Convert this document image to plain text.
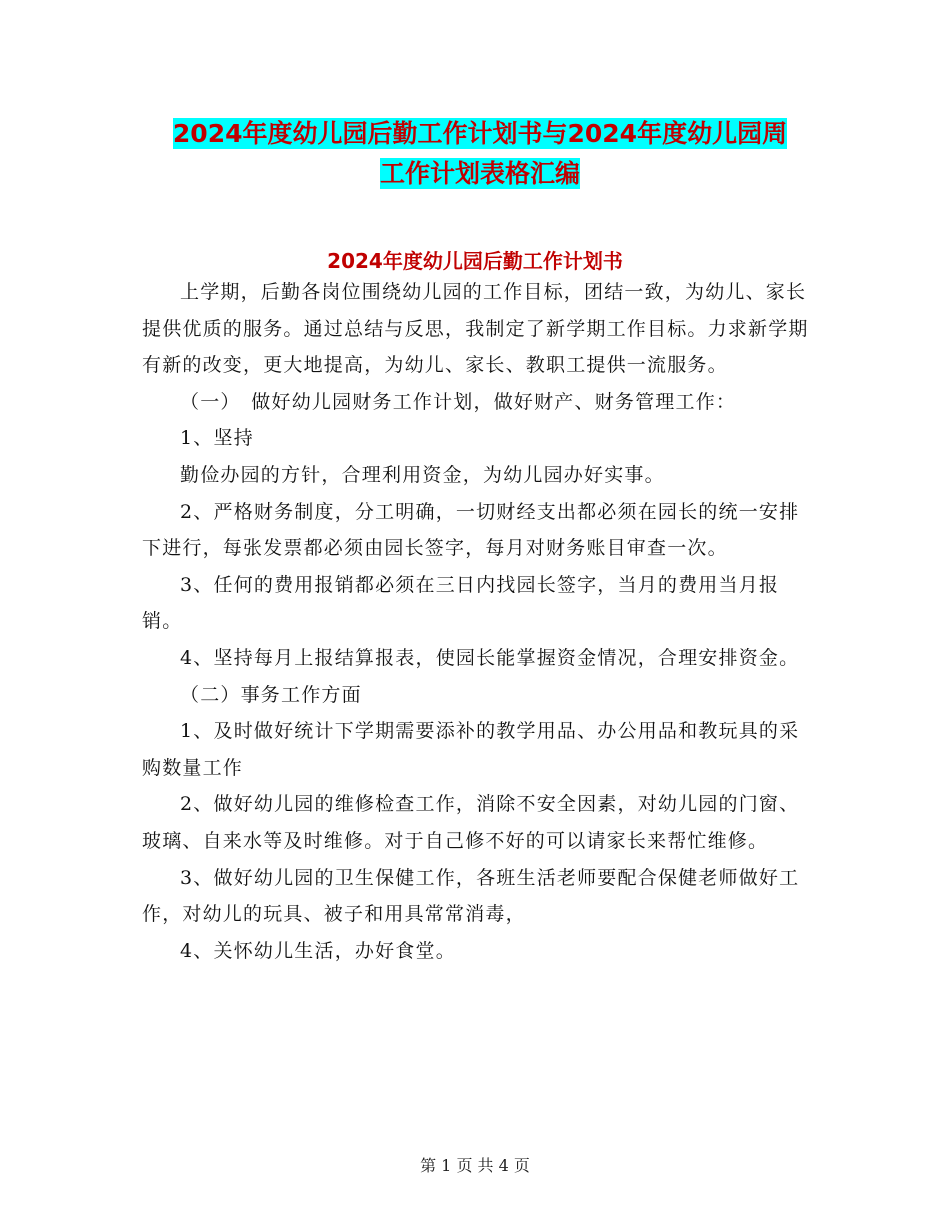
2024年度幼儿园后勤工作计划书与2024年度幼儿园周
工作计划表格汇编
2024年度幼儿园后勤工作计划书

上学期，后勤各岗位围绕幼儿园的工作目标，团结一致，为幼儿、家长提供优质的服务。通过总结与反思，我制定了新学期工作目标。力求新学期有新的改变，更大地提高，为幼儿、家长、教职工提供一流服务。

（一）　做好幼儿园财务工作计划，做好财产、财务管理工作：

1、坚持

勤俭办园的方针，合理利用资金，为幼儿园办好实事。

2、严格财务制度，分工明确，一切财经支出都必须在园长的统一安排下进行，每张发票都必须由园长签字，每月对财务账目审查一次。

3、任何的费用报销都必须在三日内找园长签字，当月的费用当月报销。

4、坚持每月上报结算报表，使园长能掌握资金情况，合理安排资金。

（二）事务工作方面

1、及时做好统计下学期需要添补的教学用品、办公用品和教玩具的采购数量工作

2、做好幼儿园的维修检查工作，消除不安全因素，对幼儿园的门窗、玻璃、自来水等及时维修。对于自己修不好的可以请家长来帮忙维修。

3、做好幼儿园的卫生保健工作，各班生活老师要配合保健老师做好工作，对幼儿的玩具、被子和用具常常消毒，

4、关怀幼儿生活，办好食堂。

第 1 页 共 4 页
